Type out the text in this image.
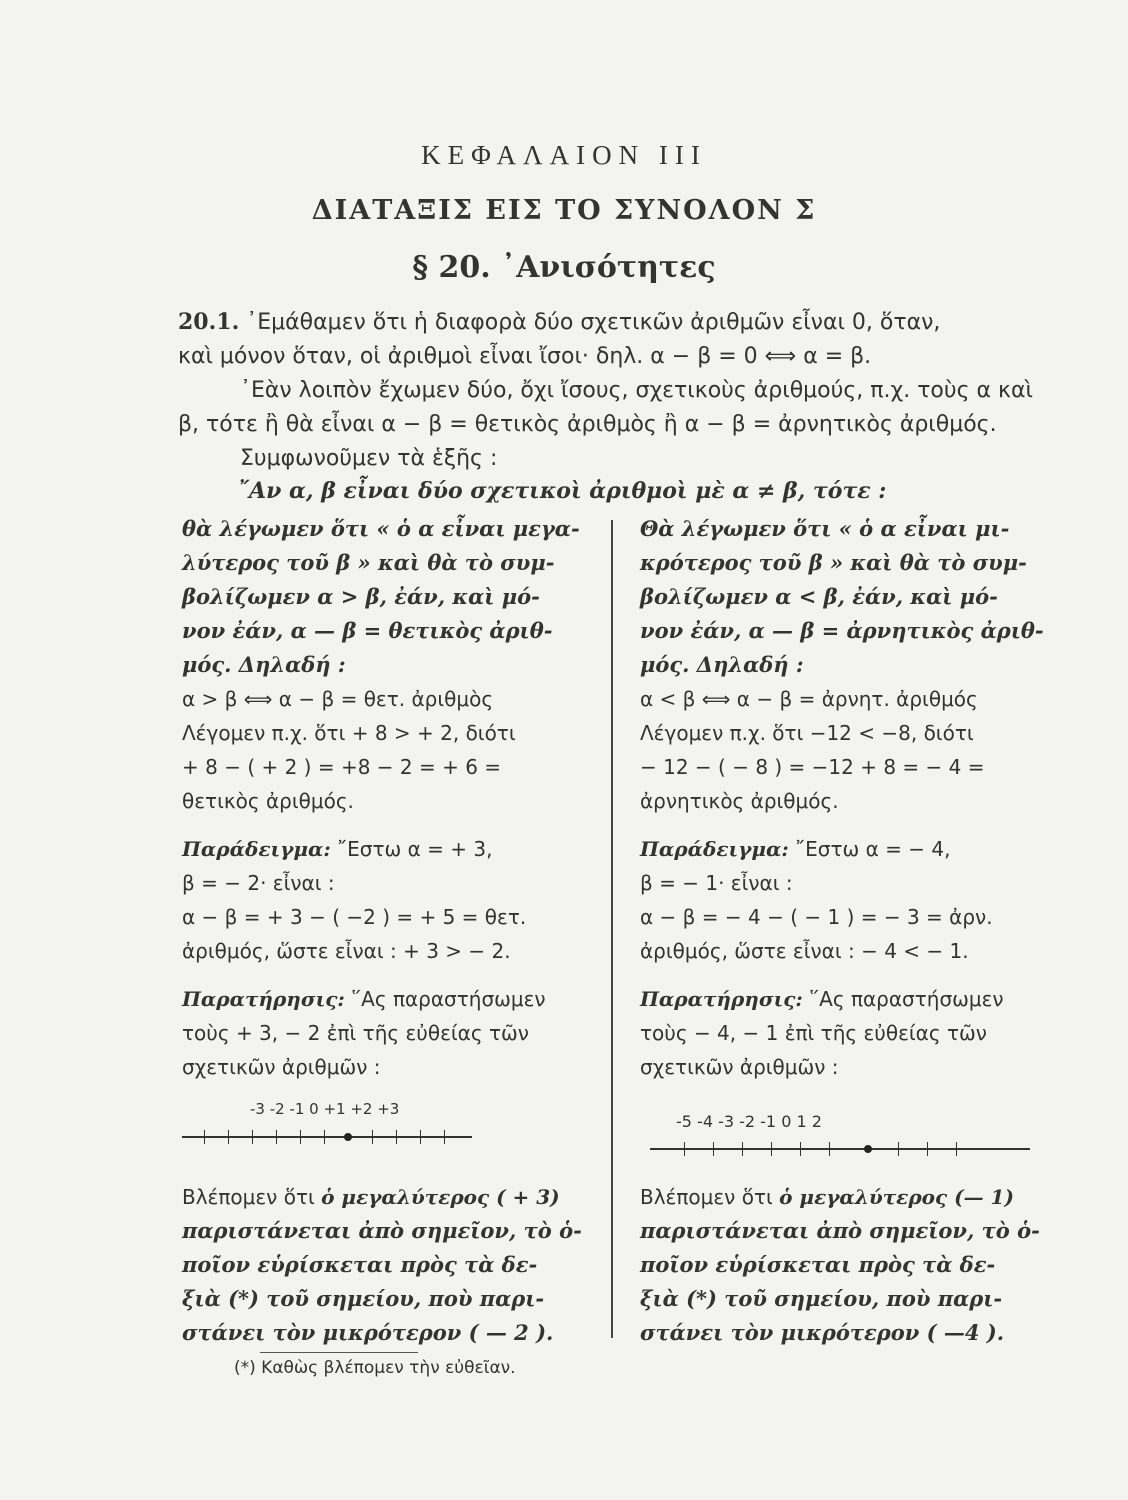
ΚΕΦΑΛΑΙΟΝ III
ΔΙΑΤΑΞΙΣ ΕΙΣ ΤΟ ΣΥΝΟΛΟΝ Σ
§ 20. ᾿Ανισότητες

20.1. ᾿Εμάθαμεν ὅτι ἡ διαφορὰ δύο σχετικῶν ἀριθμῶν εἶναι 0, ὅταν,

καὶ μόνον ὅταν, οἱ ἀριθμοὶ εἶναι ἴσοι· δηλ. α − β = 0 ⟺ α = β.

᾿Εὰν λοιπὸν ἔχωμεν δύο, ὄχι ἴσους, σχετικοὺς ἀριθμούς, π.χ. τοὺς α καὶ

β, τότε ἢ θὰ εἶναι α − β = θετικὸς ἀριθμὸς ἢ α − β = ἀρνητικὸς ἀριθμός.

Συμφωνοῦμεν τὰ ἑξῆς :

῎Αν α, β εἶναι δύο σχετικοὶ ἀριθμοὶ μὲ α ≠ β, τότε :

θὰ λέγωμεν ὅτι « ὁ α εἶναι μεγα-

λύτερος τοῦ β » καὶ θὰ τὸ συμ-

βολίζωμεν α > β, ἐάν, καὶ μό-

νον ἐάν, α — β = θετικὸς ἀριθ-

μός. Δηλαδή :

α > β ⟺ α − β = θετ. ἀριθμὸς

Λέγομεν π.χ. ὅτι + 8 > + 2, διότι

+ 8 − ( + 2 ) = +8 − 2 = + 6 =

θετικὸς ἀριθμός.

Παράδειγμα: ῎Εστω α = + 3,

β = − 2· εἶναι :

α − β = + 3 − ( −2 ) = + 5 = θετ.

ἀριθμός, ὥστε εἶναι : + 3 > − 2.

Παρατήρησις: ῞Ας παραστήσωμεν

τοὺς + 3, − 2 ἐπὶ τῆς εὐθείας τῶν

σχετικῶν ἀριθμῶν :

-3 -2 -1 0 +1 +2 +3

Βλέπομεν ὅτι ὁ μεγαλύτερος ( + 3)

παριστάνεται ἀπὸ σημεῖον, τὸ ὁ-

ποῖον εὑρίσκεται πρὸς τὰ δε-

ξιὰ (*) τοῦ σημείου, ποὺ παρι-

στάνει τὸν μικρότερον ( — 2 ).

Θὰ λέγωμεν ὅτι « ὁ α εἶναι μι-

κρότερος τοῦ β » καὶ θὰ τὸ συμ-

βολίζωμεν α < β, ἐάν, καὶ μό-

νον ἐάν, α — β = ἀρνητικὸς ἀριθ-

μός. Δηλαδή :

α < β ⟺ α − β = ἀρνητ. ἀριθμός

Λέγομεν π.χ. ὅτι −12 < −8, διότι

− 12 − ( − 8 ) = −12 + 8 = − 4 =

ἀρνητικὸς ἀριθμός.

Παράδειγμα: ῎Εστω α = − 4,

β = − 1· εἶναι :

α − β = − 4 − ( − 1 ) = − 3 = ἀρν.

ἀριθμός, ὥστε εἶναι : − 4 < − 1.

Παρατήρησις: ῞Ας παραστήσωμεν

τοὺς − 4, − 1 ἐπὶ τῆς εὐθείας τῶν

σχετικῶν ἀριθμῶν :

-5 -4 -3 -2 -1 0 1 2

Βλέπομεν ὅτι ὁ μεγαλύτερος (— 1)

παριστάνεται ἀπὸ σημεῖον, τὸ ὁ-

ποῖον εὑρίσκεται πρὸς τὰ δε-

ξιὰ (*) τοῦ σημείου, ποὺ παρι-

στάνει τὸν μικρότερον ( —4 ).

(*) Καθὼς βλέπομεν τὴν εὐθεῖαν.
